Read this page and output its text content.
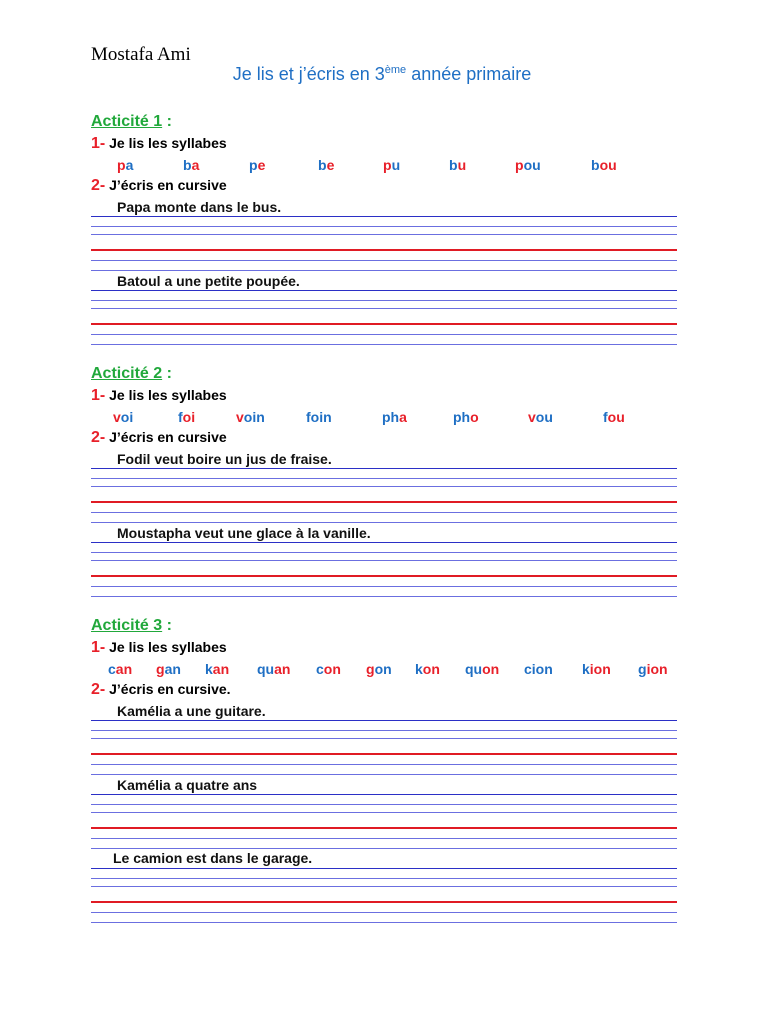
Mostafa Ami
Je lis et j’écris en 3ème année primaire
Acticité 1 :
1- Je lis les syllabes
pa	ba	pe	be	pu	bu	pou	bou
2- J’écris en cursive
Papa monte dans le bus.
Batoul a une petite poupée.
Acticité 2 :
1- Je lis les syllabes
voi	foi	voin	foin	pha	pho	vou	fou
2- J’écris en cursive
Fodil veut boire un jus de fraise.
Moustapha veut une glace à la vanille.
Acticité 3 :
1- Je lis les syllabes
can gan kan quan con gon kon quon cion kion gion
2- J’écris en cursive.
Kamélia a une guitare.
Kamélia a quatre ans
Le camion est dans le garage.
